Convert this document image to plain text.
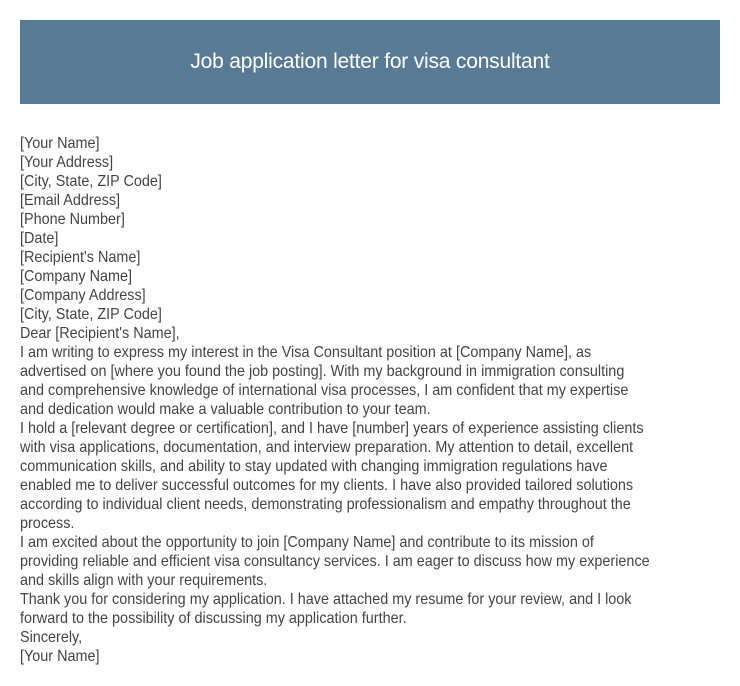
Job application letter for visa consultant
[Your Name]
[Your Address]
[City, State, ZIP Code]
[Email Address]
[Phone Number]
[Date]
[Recipient's Name]
[Company Name]
[Company Address]
[City, State, ZIP Code]
Dear [Recipient's Name],
I am writing to express my interest in the Visa Consultant position at [Company Name], as
advertised on [where you found the job posting]. With my background in immigration consulting
and comprehensive knowledge of international visa processes, I am confident that my expertise
and dedication would make a valuable contribution to your team.
I hold a [relevant degree or certification], and I have [number] years of experience assisting clients
with visa applications, documentation, and interview preparation. My attention to detail, excellent
communication skills, and ability to stay updated with changing immigration regulations have
enabled me to deliver successful outcomes for my clients. I have also provided tailored solutions
according to individual client needs, demonstrating professionalism and empathy throughout the
process.
I am excited about the opportunity to join [Company Name] and contribute to its mission of
providing reliable and efficient visa consultancy services. I am eager to discuss how my experience
and skills align with your requirements.
Thank you for considering my application. I have attached my resume for your review, and I look
forward to the possibility of discussing my application further.
Sincerely,
[Your Name]
